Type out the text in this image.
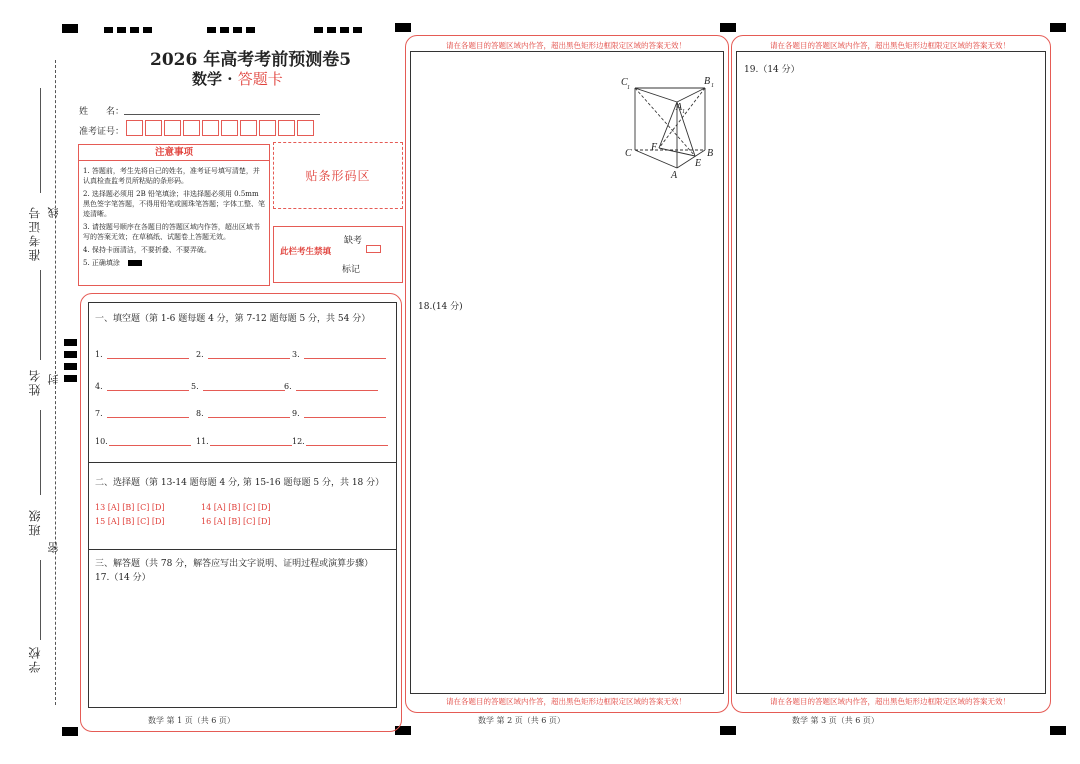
准考证号
姓名
班级
学校
线
封
密
2026 年高考考前预测卷5
数学 · 答题卡
姓　　名：
准考证号：
注意事项
1. 答题前，考生先将自己的姓名，准考证号填写清楚，并认真检查监考员所粘贴的条形码。
2. 选择题必须用 2B 铅笔填涂；非选择题必须用 0.5mm 黑色签字笔答题，不得用铅笔或圆珠笔答题；字体工整、笔迹清晰。
3. 请按题号顺序在各题目的答题区域内作答，超出区域书写的答案无效；在草稿纸、试题卷上答题无效。
4. 保持卡面清洁，不要折叠、不要弄破。
5. 正确填涂
贴条形码区
此栏考生禁填
缺考
标记
一、填空题（第 1-6 题每题 4 分，第 7-12 题每题 5 分，共 54 分）
1.	2.	3.
4.	5.	6.
7.	8.	9.
10.	11.	12.
二、选择题（第 13-14 题每题 4 分, 第 15-16 题每题 5 分，共 18 分）
13 [A] [B] [C] [D]	14 [A] [B] [C] [D]
15 [A] [B] [C] [D]	16 [A] [B] [C] [D]
三、解答题（共 78 分，解答应写出文字说明、证明过程或演算步骤）
17.（14 分）
数学 第 1 页（共 6 页）
请在各题目的答题区域内作答，超出黑色矩形边框限定区域的答案无效！
18.(14 分)
请在各题目的答题区域内作答，超出黑色矩形边框限定区域的答案无效！
数学 第 2 页（共 6 页）
C 1
B 1
A 1
C	B
A
E
F
请在各题目的答题区域内作答，超出黑色矩形边框限定区域的答案无效！
19.（14 分）
请在各题目的答题区域内作答，超出黑色矩形边框限定区域的答案无效！
数学 第 3 页（共 6 页）
